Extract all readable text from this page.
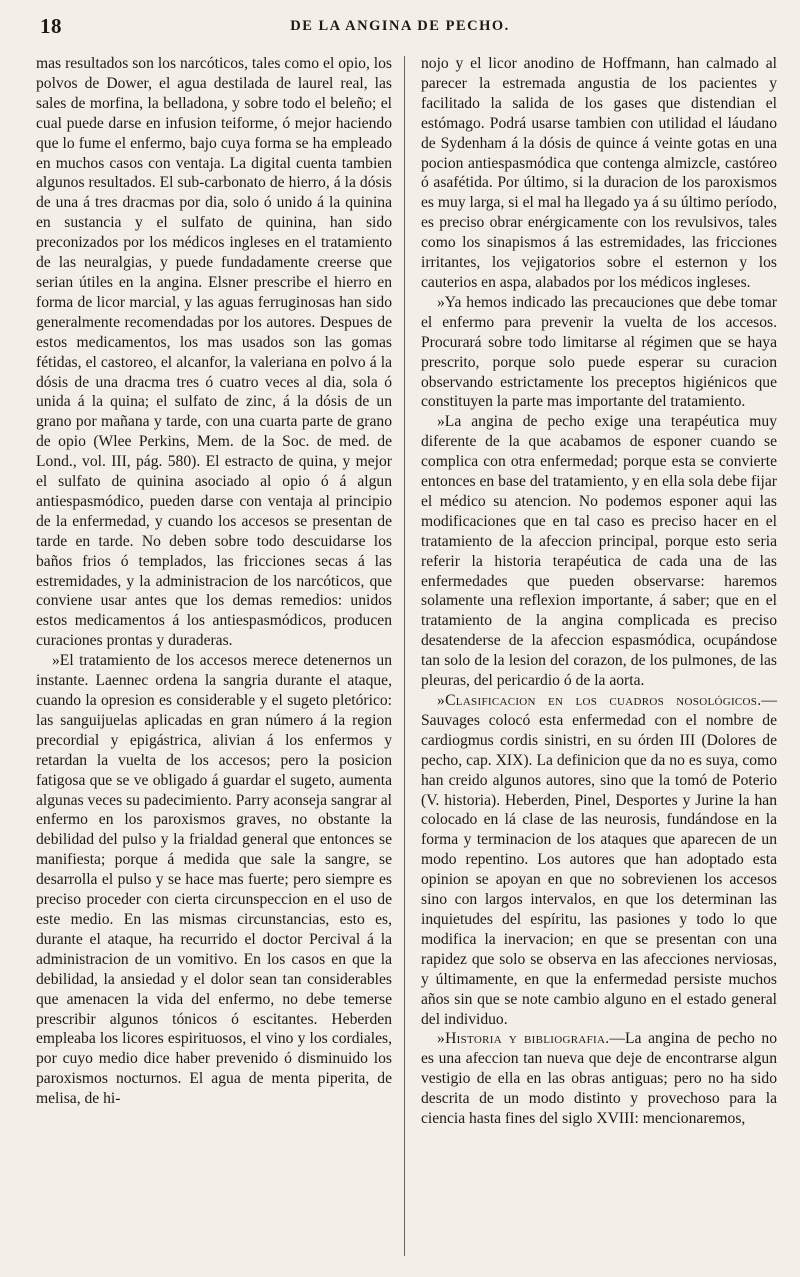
18	DE LA ANGINA DE PECHO.

mas resultados son los narcóticos, tales como el opio, los polvos de Dower, el agua destilada de laurel real, las sales de morfina, la belladona, y sobre todo el beleño; el cual puede darse en infusion teiforme, ó mejor haciendo que lo fume el enfermo, bajo cuya forma se ha empleado en muchos casos con ventaja. La digital cuenta tambien algunos resultados. El sub-carbonato de hierro, á la dósis de una á tres dracmas por dia, solo ó unido á la quinina en sustancia y el sulfato de quinina, han sido preconizados por los médicos ingleses en el tratamiento de las neuralgias, y puede fundadamente creerse que serian útiles en la angina. Elsner prescribe el hierro en forma de licor marcial, y las aguas ferruginosas han sido generalmente recomendadas por los autores. Despues de estos medicamentos, los mas usados son las gomas fétidas, el castoreo, el alcanfor, la valeriana en polvo á la dósis de una dracma tres ó cuatro veces al dia, sola ó unida á la quina; el sulfato de zinc, á la dósis de un grano por mañana y tarde, con una cuarta parte de grano de opio (Wlee Perkins, Mem. de la Soc. de med. de Lond., vol. III, pág. 580). El estracto de quina, y mejor el sulfato de quinina asociado al opio ó á algun antiespasmódico, pueden darse con ventaja al principio de la enfermedad, y cuando los accesos se presentan de tarde en tarde. No deben sobre todo descuidarse los baños frios ó templados, las fricciones secas á las estremidades, y la administracion de los narcóticos, que conviene usar antes que los demas remedios: unidos estos medicamentos á los antiespasmódicos, producen curaciones prontas y duraderas.

»El tratamiento de los accesos merece detenernos un instante. Laennec ordena la sangria durante el ataque, cuando la opresion es considerable y el sugeto pletórico: las sanguijuelas aplicadas en gran número á la region precordial y epigástrica, alivian á los enfermos y retardan la vuelta de los accesos; pero la posicion fatigosa que se ve obligado á guardar el sugeto, aumenta algunas veces su padecimiento. Parry aconseja sangrar al enfermo en los paroxismos graves, no obstante la debilidad del pulso y la frialdad general que entonces se manifiesta; porque á medida que sale la sangre, se desarrolla el pulso y se hace mas fuerte; pero siempre es preciso proceder con cierta circunspeccion en el uso de este medio. En las mismas circunstancias, esto es, durante el ataque, ha recurrido el doctor Percival á la administracion de un vomitivo. En los casos en que la debilidad, la ansiedad y el dolor sean tan considerables que amenacen la vida del enfermo, no debe temerse prescribir algunos tónicos ó escitantes. Heberden empleaba los licores espirituosos, el vino y los cordiales, por cuyo medio dice haber prevenido ó disminuido los paroxismos nocturnos. El agua de menta piperita, de melisa, de hi-

nojo y el licor anodino de Hoffmann, han calmado al parecer la estremada angustia de los pacientes y facilitado la salida de los gases que distendian el estómago. Podrá usarse tambien con utilidad el láudano de Sydenham á la dósis de quince á veinte gotas en una pocion antiespasmódica que contenga almizcle, castóreo ó asafétida. Por último, si la duracion de los paroxismos es muy larga, si el mal ha llegado ya á su último período, es preciso obrar enérgicamente con los revulsivos, tales como los sinapismos á las estremidades, las fricciones irritantes, los vejigatorios sobre el esternon y los cauterios en aspa, alabados por los médicos ingleses.

»Ya hemos indicado las precauciones que debe tomar el enfermo para prevenir la vuelta de los accesos. Procurará sobre todo limitarse al régimen que se haya prescrito, porque solo puede esperar su curacion observando estrictamente los preceptos higiénicos que constituyen la parte mas importante del tratamiento.

»La angina de pecho exige una terapéutica muy diferente de la que acabamos de esponer cuando se complica con otra enfermedad; porque esta se convierte entonces en base del tratamiento, y en ella sola debe fijar el médico su atencion. No podemos esponer aqui las modificaciones que en tal caso es preciso hacer en el tratamiento de la afeccion principal, porque esto seria referir la historia terapéutica de cada una de las enfermedades que pueden observarse: haremos solamente una reflexion importante, á saber; que en el tratamiento de la angina complicada es preciso desatenderse de la afeccion espasmódica, ocupándose tan solo de la lesion del corazon, de los pulmones, de las pleuras, del pericardio ó de la aorta.

»Clasificacion en los cuadros nosológicos.—Sauvages colocó esta enfermedad con el nombre de cardiogmus cordis sinistri, en su órden III (Dolores de pecho, cap. XIX). La definicion que da no es suya, como han creido algunos autores, sino que la tomó de Poterio (V. historia). Heberden, Pinel, Desportes y Jurine la han colocado en lá clase de las neurosis, fundándose en la forma y terminacion de los ataques que aparecen de un modo repentino. Los autores que han adoptado esta opinion se apoyan en que no sobrevienen los accesos sino con largos intervalos, en que los determinan las inquietudes del espíritu, las pasiones y todo lo que modifica la inervacion; en que se presentan con una rapidez que solo se observa en las afecciones nerviosas, y últimamente, en que la enfermedad persiste muchos años sin que se note cambio alguno en el estado general del individuo.

»Historia y bibliografia.—La angina de pecho no es una afeccion tan nueva que deje de encontrarse algun vestigio de ella en las obras antiguas; pero no ha sido descrita de un modo distinto y provechoso para la ciencia hasta fines del siglo XVIII: mencionaremos,
